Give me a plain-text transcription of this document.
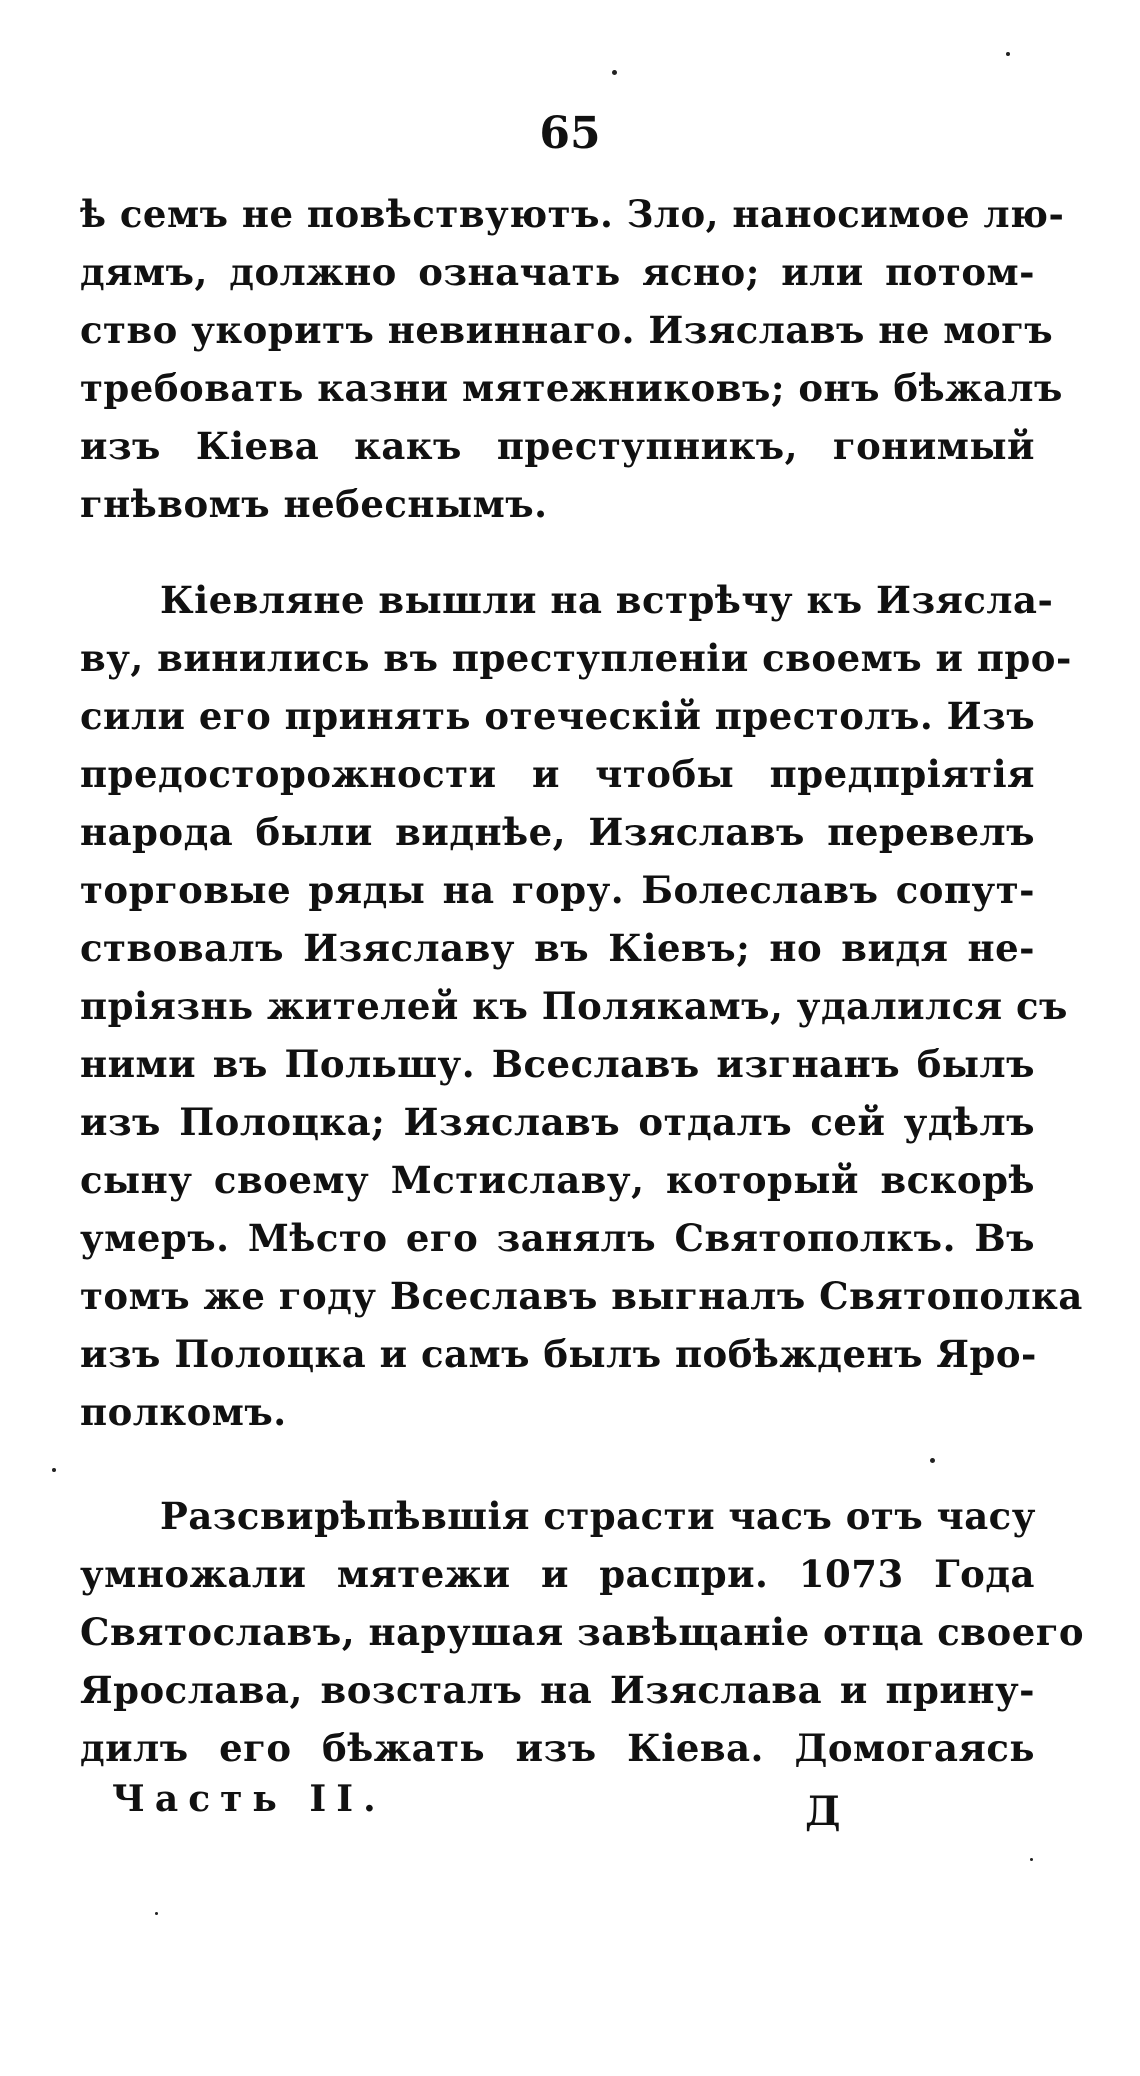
65
ѣ семъ не повѣствуютъ. Зло, наносимое лю-
дямъ, должно означать ясно; или потом-
ство укоритъ невиннаго. Изяславъ не могъ
требовать казни мятежниковъ; онъ бѣжалъ
изъ Кіева какъ преступникъ, гонимый
гнѣвомъ небеснымъ.
Кіевляне вышли на встрѣчу къ Изясла-
ву, винились въ преступленіи своемъ и про-
сили его принять отеческій престолъ. Изъ
предосторожности и чтобы предпріятія
народа были виднѣе, Изяславъ перевелъ
торговые ряды на гору. Болеславъ сопут-
ствовалъ Изяславу въ Кіевъ; но видя не-
пріязнь жителей къ Полякамъ, удалился съ
ними въ Польшу. Всеславъ изгнанъ былъ
изъ Полоцка; Изяславъ отдалъ сей удѣлъ
сыну своему Мстиславу, который вскорѣ
умеръ. Мѣсто его занялъ Святополкъ. Въ
томъ же году Всеславъ выгналъ Святополка
изъ Полоцка и самъ былъ побѣжденъ Яро-
полкомъ.
Разсвирѣпѣвшія страсти часъ отъ часу
умножали мятежи и распри. 1073 Года
Святославъ, нарушая завѣщаніе отца своего
Ярослава, возсталъ на Изяслава и прину-
дилъ его бѣжать изъ Кіева. Домогаясь
Часть II.	Д
